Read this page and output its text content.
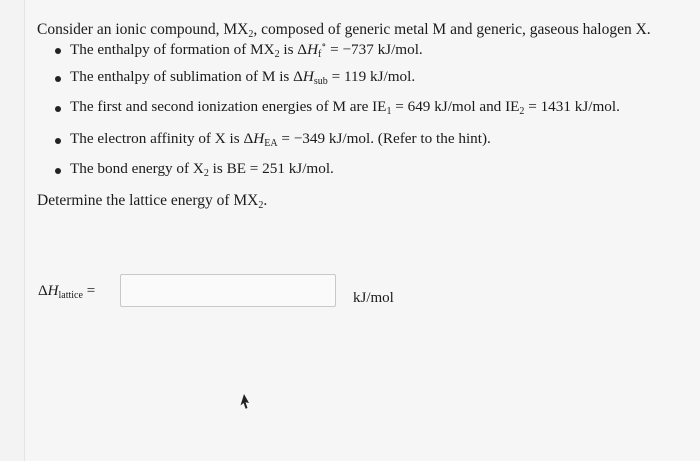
Consider an ionic compound, $MX_2$, composed of generic metal M and generic, gaseous halogen X.
The enthalpy of formation of $MX_2$ is $\Delta H_f^\circ = -737$ kJ/mol.
The enthalpy of sublimation of M is $\Delta H_{sub} = 119$ kJ/mol.
The first and second ionization energies of M are $IE_1 = 649$ kJ/mol and $IE_2 = 1431$ kJ/mol.
The electron affinity of X is $\Delta H_{EA} = -349$ kJ/mol. (Refer to the hint).
The bond energy of $X_2$ is BE = 251 kJ/mol.
Determine the lattice energy of $MX_2$.
$\Delta H_{lattice}$ =	kJ/mol
